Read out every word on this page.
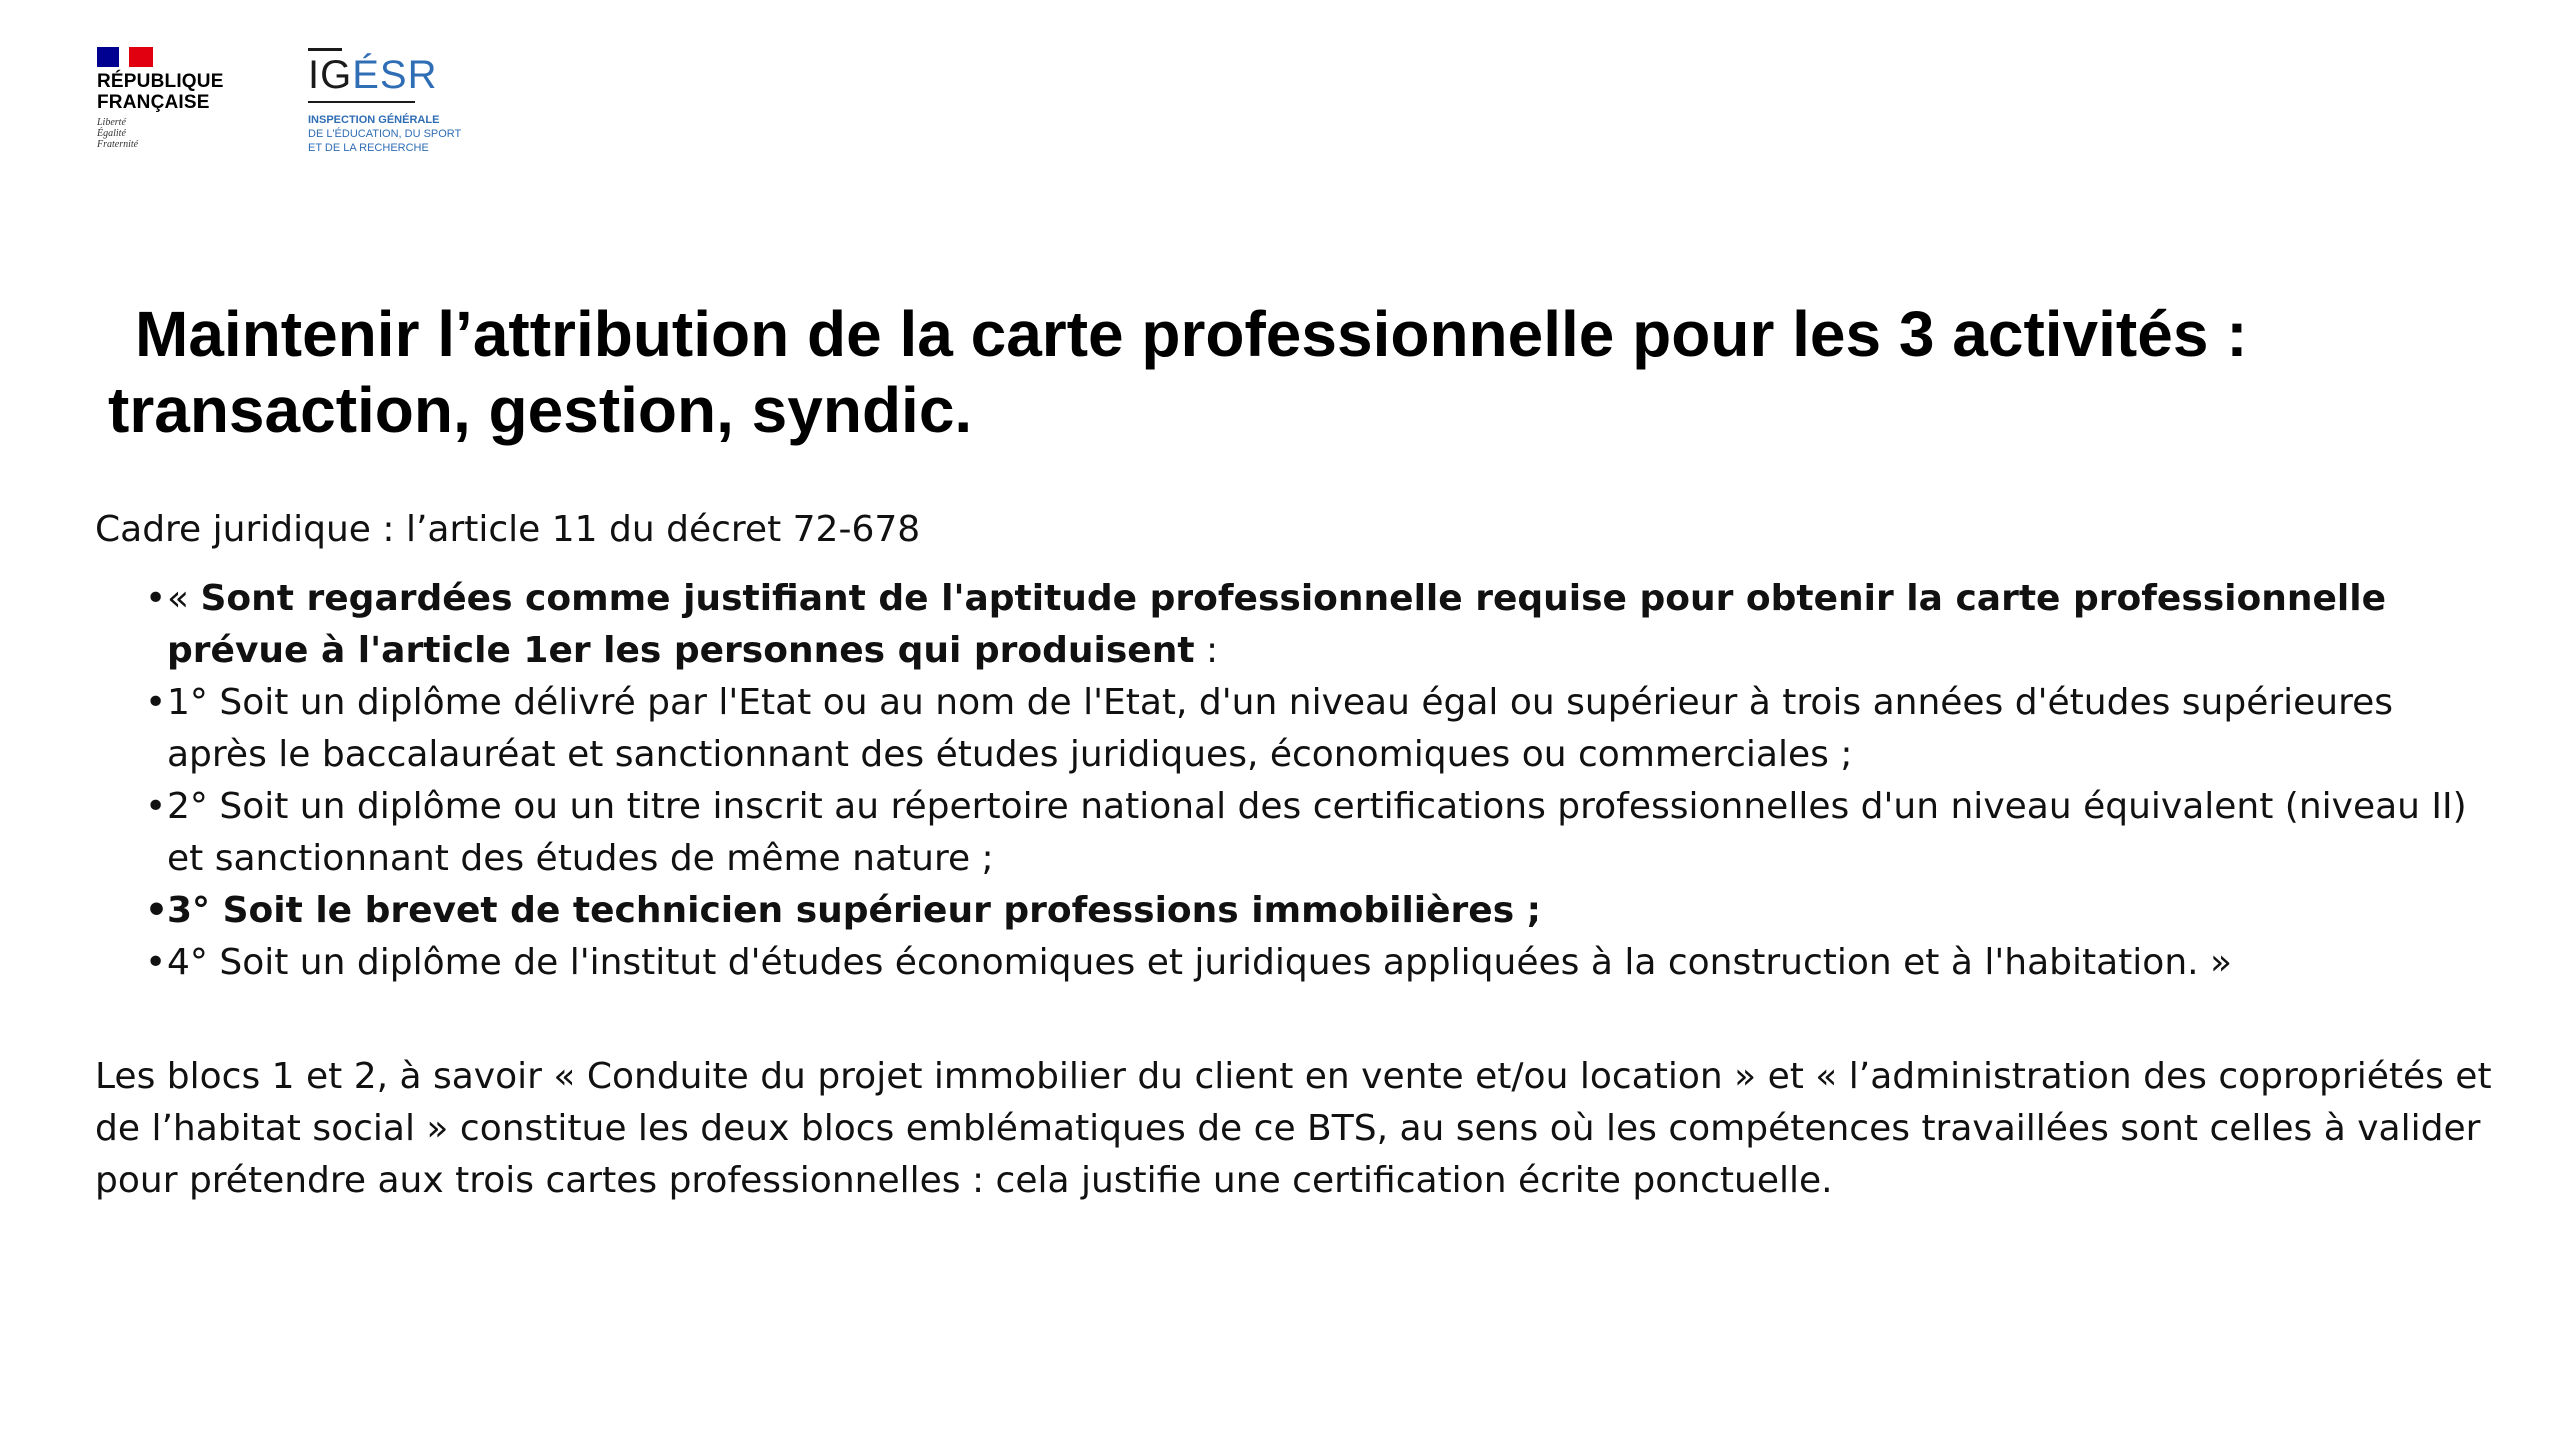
RÉPUBLIQUE
FRANÇAISE
Liberté
Égalité
Fraternité
IGÉSR
INSPECTION GÉNÉRALE
DE L'ÉDUCATION, DU SPORT
ET DE LA RECHERCHE
Maintenir l’attribution de la carte professionnelle pour les 3 activités :
transaction, gestion, syndic.

Cadre juridique : l’article 11 du décret 72-678

• « Sont regardées comme justifiant de l'aptitude professionnelle requise pour obtenir la carte professionnelle prévue à l'article 1er les personnes qui produisent :
• 1° Soit un diplôme délivré par l'Etat ou au nom de l'Etat, d'un niveau égal ou supérieur à trois années d'études supérieures après le baccalauréat et sanctionnant des études juridiques, économiques ou commerciales ;
• 2° Soit un diplôme ou un titre inscrit au répertoire national des certifications professionnelles d'un niveau équivalent (niveau II) et sanctionnant des études de même nature ;
• 3° Soit le brevet de technicien supérieur professions immobilières ;
• 4° Soit un diplôme de l'institut d'études économiques et juridiques appliquées à la construction et à l'habitation. »

Les blocs 1 et 2, à savoir « Conduite du projet immobilier du client en vente et/ou location » et « l’administration des copropriétés et de l’habitat social » constitue les deux blocs emblématiques de ce BTS, au sens où les compétences travaillées sont celles à valider pour prétendre aux trois cartes professionnelles : cela justifie une certification écrite ponctuelle.
